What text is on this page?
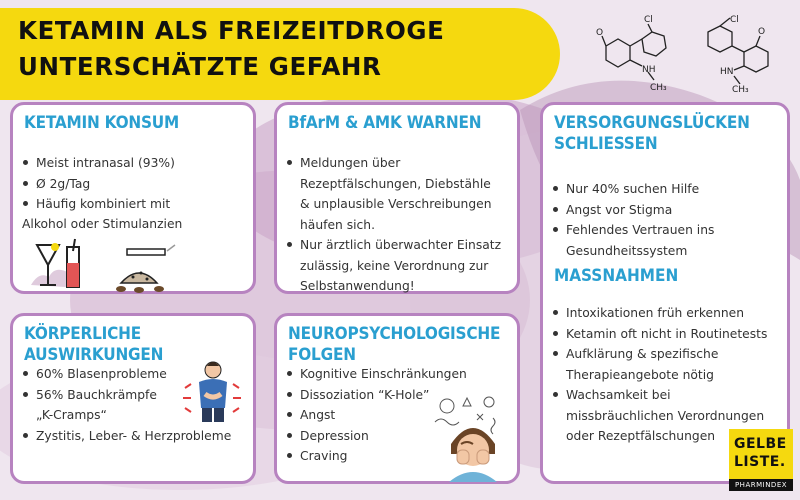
KETAMIN ALS FREIZEITDROGE
UNTERSCHÄTZTE GEFAHR
Cl
O
NH
CH₃
Cl
O
HN
CH₃
KETAMIN KONSUM
Meist intranasal (93%)
Ø 2g/Tag
Häufig kombiniert mit
Alkohol oder Stimulanzien
BfArM & AMK WARNEN
Meldungen über
Rezeptfälschungen, Diebstähle
& unplausible Verschreibungen
häufen sich.
Nur ärztlich überwachter Einsatz
zulässig, keine Verordnung zur
Selbstanwendung!
VERSORGUNGSLÜCKEN
SCHLIESSEN
Nur 40% suchen Hilfe
Angst vor Stigma
Fehlendes Vertrauen ins
Gesundheitssystem
MASSNAHMEN
Intoxikationen früh erkennen
Ketamin oft nicht in Routinetests
Aufklärung & spezifische
Therapieangebote nötig
Wachsamkeit bei
missbräuchlichen Verordnungen
oder Rezeptfälschungen
KÖRPERLICHE AUSWIRKUNGEN
60% Blasenprobleme
56% Bauchkrämpfe
„K-Cramps“
Zystitis, Leber- & Herzprobleme
NEUROPSYCHOLOGISCHE FOLGEN
Kognitive Einschränkungen
Dissoziation “K-Hole”
Angst
Depression
Craving
GELBE
LISTE.
PHARMINDEX
